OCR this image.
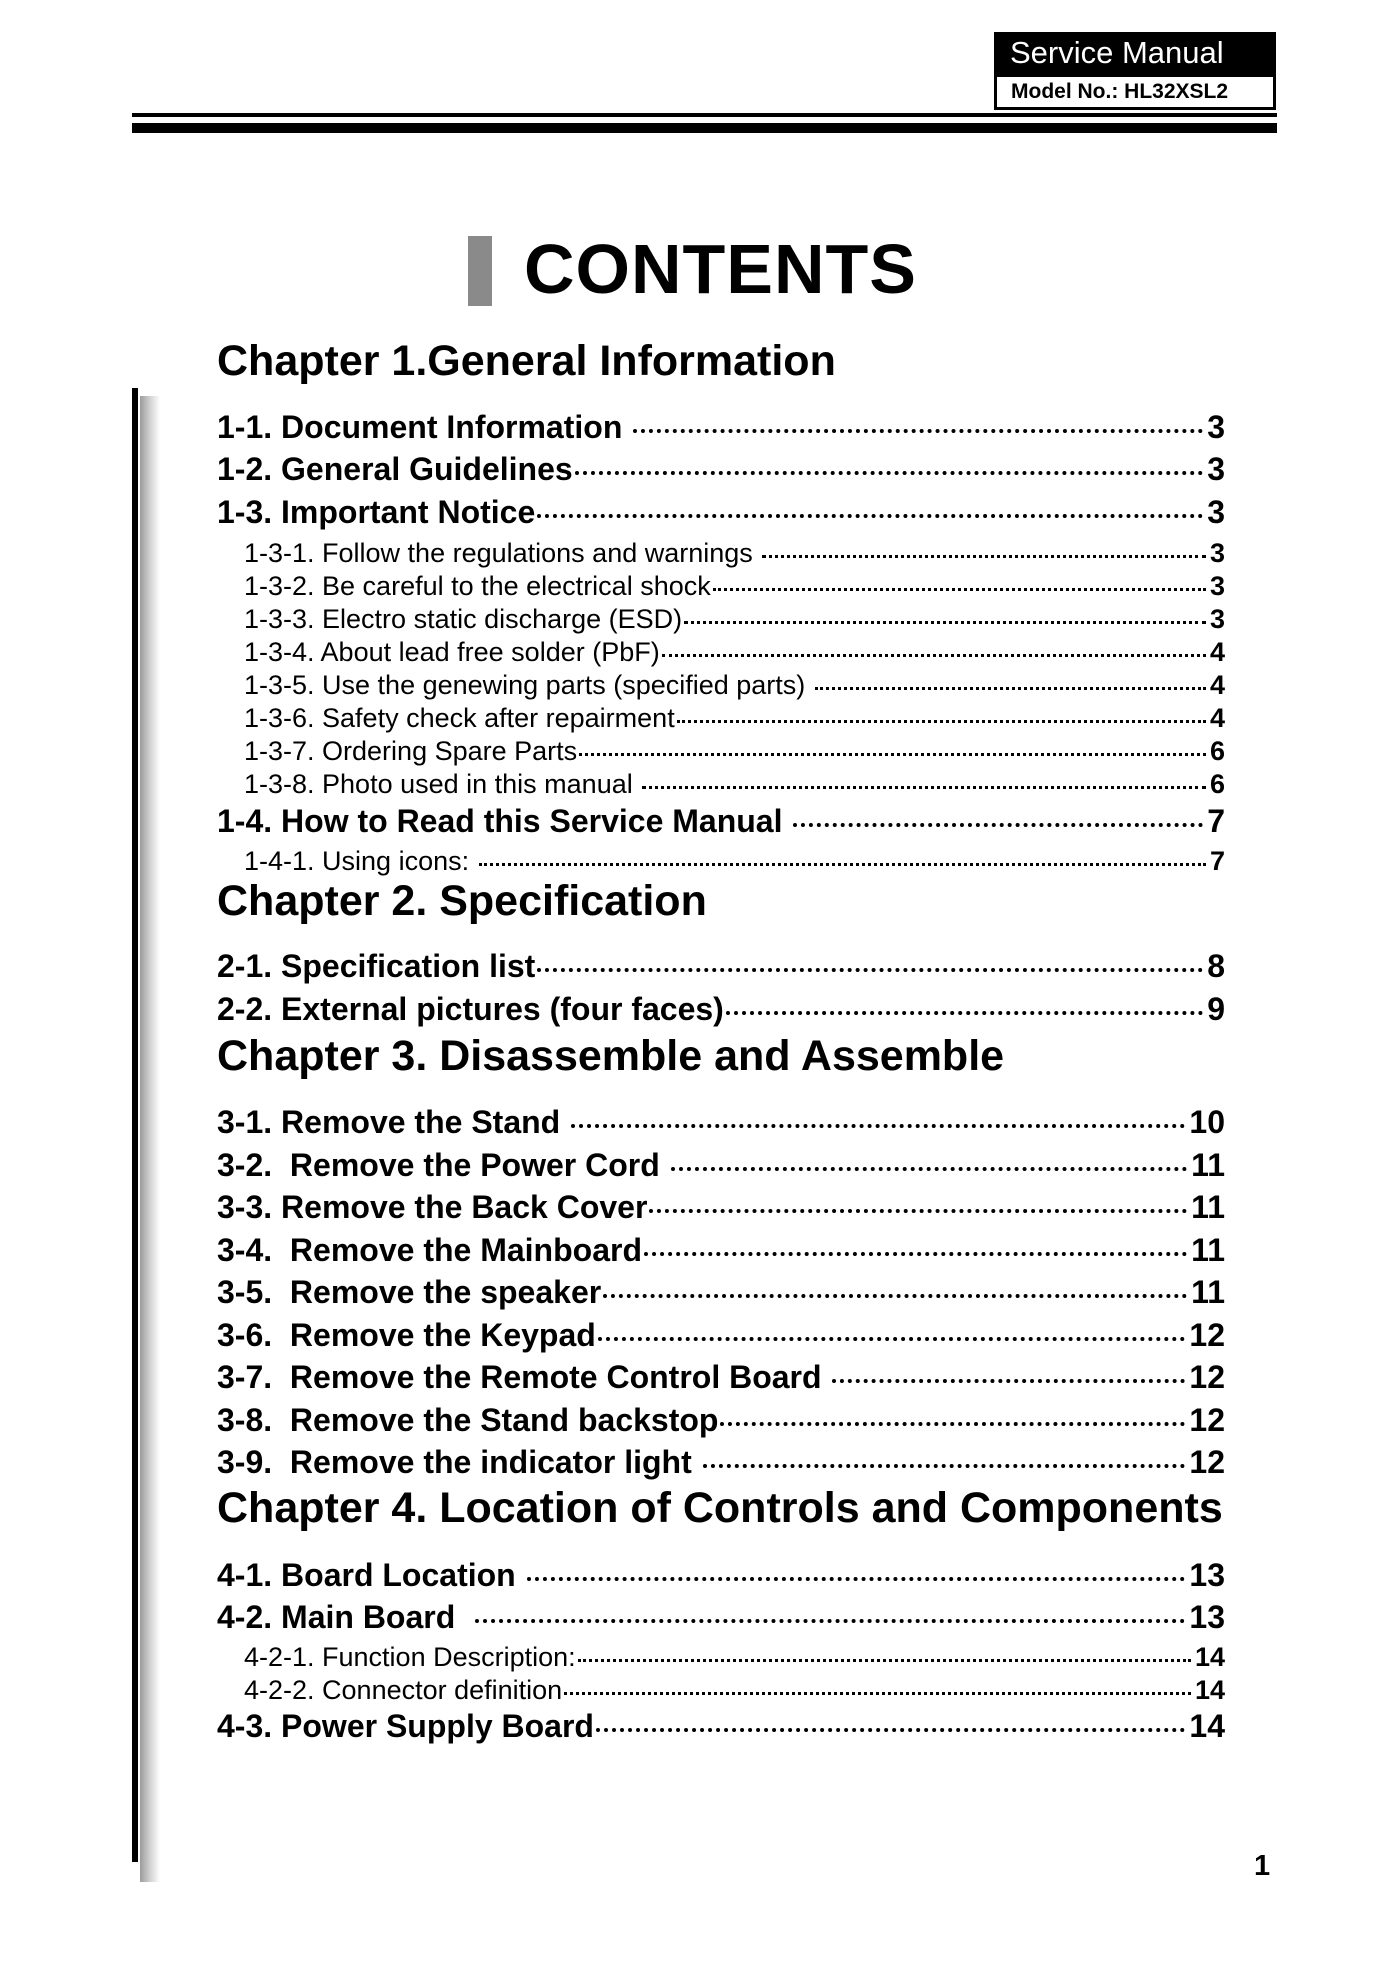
Service Manual
Model No.: HL32XSL2
CONTENTS
Chapter 1.General Information
Chapter 2. Specification
Chapter 3. Disassemble and Assemble
Chapter 4. Location of Controls and Components
1-1. Document Information	3
1-2. General Guidelines	3
1-3. Important Notice	3
1-3-1. Follow the regulations and warnings	3
1-3-2. Be careful to the electrical shock	3
1-3-3. Electro static discharge (ESD)	3
1-3-4. About lead free solder (PbF)	4
1-3-5. Use the genewing parts (specified parts)	4
1-3-6. Safety check after repairment	4
1-3-7. Ordering Spare Parts	6
1-3-8. Photo used in this manual	6
1-4. How to Read this Service Manual	7
1-4-1. Using icons:	7
2-1. Specification list	8
2-2. External pictures (four faces)	9
3-1. Remove the Stand	10
3-2.  Remove the Power Cord	11
3-3. Remove the Back Cover	11
3-4.  Remove the Mainboard	11
3-5.  Remove the speaker	11
3-6.  Remove the Keypad	12
3-7.  Remove the Remote Control Board	12
3-8.  Remove the Stand backstop	12
3-9.  Remove the indicator light	12
4-1. Board Location	13
4-2. Main Board	13
4-2-1. Function Description:	14
4-2-2. Connector definition	14
4-3. Power Supply Board	14
1
